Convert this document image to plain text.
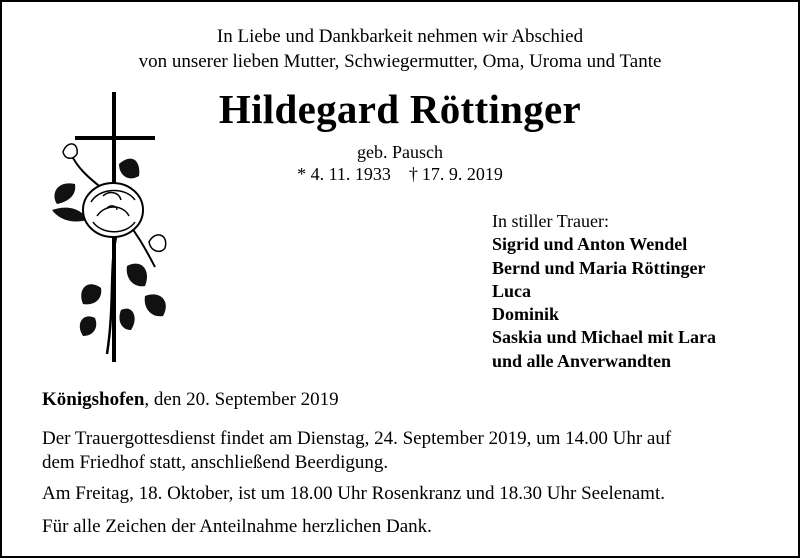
In Liebe und Dankbarkeit nehmen wir Abschied
von unserer lieben Mutter, Schwiegermutter, Oma, Uroma und Tante
Hildegard Röttinger
geb. Pausch
* 4. 11. 1933 † 17. 9. 2019
In stiller Trauer:
Sigrid und Anton Wendel
Bernd und Maria Röttinger
Luca
Dominik
Saskia und Michael mit Lara
und alle Anverwandten
Königshofen, den 20. September 2019
Der Trauergottesdienst findet am Dienstag, 24. September 2019, um 14.00 Uhr auf
dem Friedhof statt, anschließend Beerdigung.
Am Freitag, 18. Oktober, ist um 18.00 Uhr Rosenkranz und 18.30 Uhr Seelenamt.
Für alle Zeichen der Anteilnahme herzlichen Dank.
